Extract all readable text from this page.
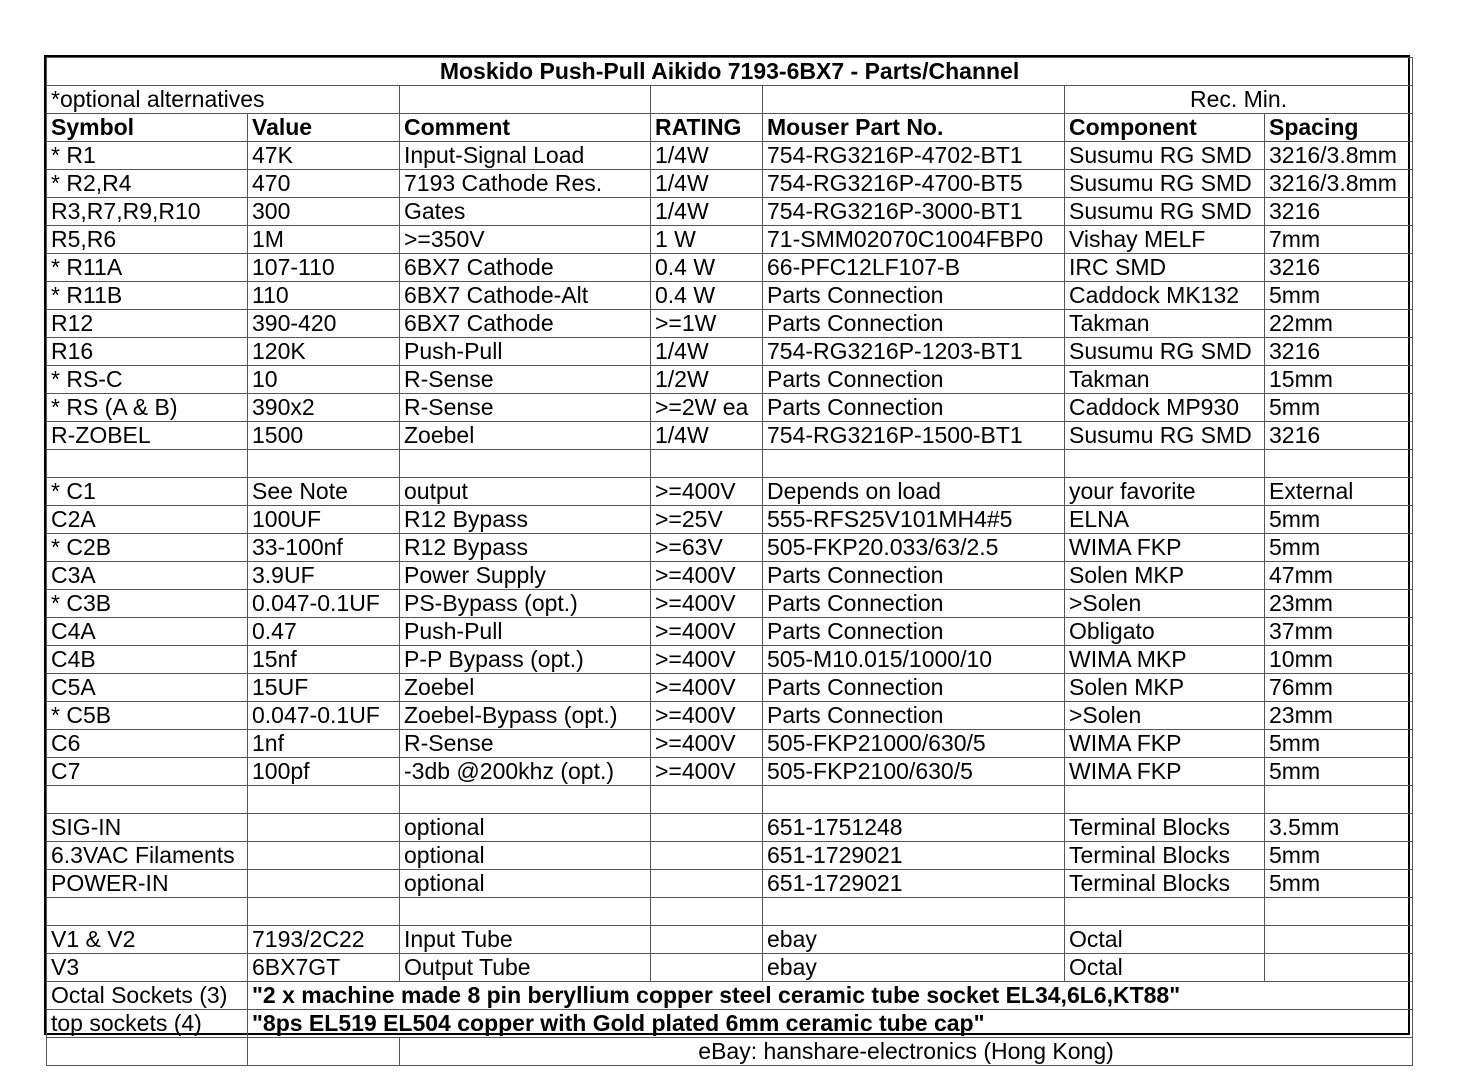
Moskido Push-Pull Aikido 7193-6BX7 - Parts/Channel						
*optional alternatives					Rec. Min.	
Symbol	Value	Comment	RATING	Mouser Part No.	Component	Spacing
* R1	47K	Input-Signal Load	1/4W	754-RG3216P-4702-BT1	Susumu RG SMD	3216/3.8mm
* R2,R4	470	7193 Cathode Res.	1/4W	754-RG3216P-4700-BT5	Susumu RG SMD	3216/3.8mm
R3,R7,R9,R10	300	Gates	1/4W	754-RG3216P-3000-BT1	Susumu RG SMD	3216
R5,R6	1M	>=350V	1 W	71-SMM02070C1004FBP0	Vishay MELF	7mm
* R11A	107-110	6BX7 Cathode	0.4 W	66-PFC12LF107-B	IRC SMD	3216
* R11B	110	6BX7 Cathode-Alt	0.4 W	Parts Connection	Caddock MK132	5mm
R12	390-420	6BX7 Cathode	>=1W	Parts Connection	Takman	22mm
R16	120K	Push-Pull	1/4W	754-RG3216P-1203-BT1	Susumu RG SMD	3216
* RS-C	10	R-Sense	1/2W	Parts Connection	Takman	15mm
* RS (A & B)	390x2	R-Sense	>=2W ea	Parts Connection	Caddock MP930	5mm
R-ZOBEL	1500	Zoebel	1/4W	754-RG3216P-1500-BT1	Susumu RG SMD	3216

* C1	See Note	output	>=400V	Depends on load	your favorite	External
C2A	100UF	R12 Bypass	>=25V	555-RFS25V101MH4#5	ELNA	5mm
* C2B	33-100nf	R12 Bypass	>=63V	505-FKP20.033/63/2.5	WIMA FKP	5mm
C3A	3.9UF	Power Supply	>=400V	Parts Connection	Solen MKP	47mm
* C3B	0.047-0.1UF	PS-Bypass (opt.)	>=400V	Parts Connection	>Solen	23mm
C4A	0.47	Push-Pull	>=400V	Parts Connection	Obligato	37mm
C4B	15nf	P-P Bypass (opt.)	>=400V	505-M10.015/1000/10	WIMA MKP	10mm
C5A	15UF	Zoebel	>=400V	Parts Connection	Solen MKP	76mm
* C5B	0.047-0.1UF	Zoebel-Bypass (opt.)	>=400V	Parts Connection	>Solen	23mm
C6	1nf	R-Sense	>=400V	505-FKP21000/630/5	WIMA FKP	5mm
C7	100pf	-3db @200khz (opt.)	>=400V	505-FKP2100/630/5	WIMA FKP	5mm

SIG-IN		optional		651-1751248	Terminal Blocks	3.5mm
6.3VAC Filaments		optional		651-1729021	Terminal Blocks	5mm
POWER-IN		optional		651-1729021	Terminal Blocks	5mm

V1 & V2	7193/2C22	Input Tube		ebay	Octal	
V3	6BX7GT	Output Tube		ebay	Octal	
Octal Sockets (3)	"2 x machine made 8 pin beryllium copper steel ceramic tube socket EL34,6L6,KT88"					
top sockets (4)	"8ps EL519 EL504 copper with Gold plated 6mm ceramic tube cap"					
		eBay: hanshare-electronics (Hong Kong)				
